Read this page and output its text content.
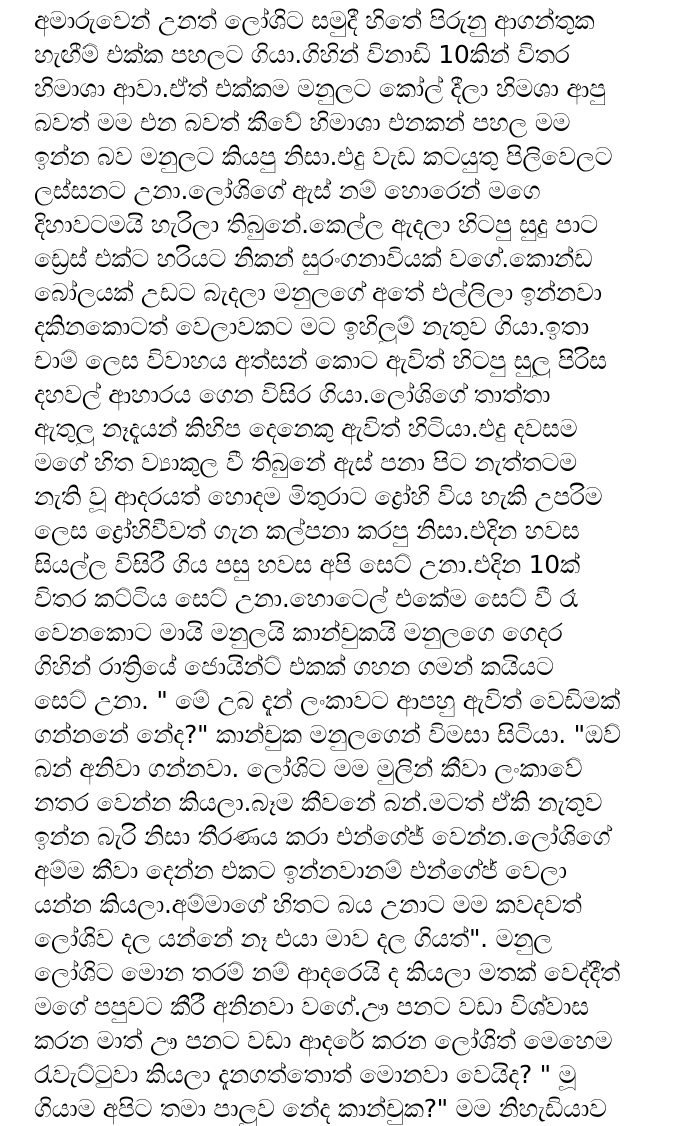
අමාරුවෙන් උනත් ලෝශිට සමුදී හිතේ පිරුනු ආගන්තුක
හැඟීම් එක්ක පහලට ගියා.ගිහින් විනාඩි 10කින් විතර
හිමාශා ආවා.ඒත් එක්කම මනුලට කෝල් දීලා හිමශා ආපු
බවත් මම එන බවත් කීවේ හිමාශා එනකන් පහල මම
ඉන්න බව මනුලට කියපු නිසා.එදු වැඩ කටයුතු පිලිවෙලට
ලස්සනට උනා.ලෝශිගේ ඇස් නම් හොරෙන් මගෙ
දිහාවටමයි හැරිලා තිබුනේ.කෙල්ල ඇදලා හිටපු සුදු පාට
ඩ්‍රෙස් එක්ට හරියට නිකන් සුරංගනාවියක් වගේ.කොන්ඩ
බෝලයක් උඩට බැදලා මනුලගේ අතේ එල්ලිලා ඉන්නවා
දකිනකොටත් වෙලාවකට මට ඉහිලුම් නැතුව ගියා.ඉතා
චාම් ලෙස විවාහය අත්සන් කොට ඇවිත් හිටපු සුලු පිරිස
දහවල් ආහාරය ගෙන විසිර ගියා.ලෝශිගේ තාත්තා
ඇතුලු නෑදැයන් කිහිප දෙනෙකු ඇවිත් හිටියා.එදු දවසම
මගේ හිත ව්‍යාකුල වී තිබුනේ ඇස් පනා පිට නැත්තටම
නැති වූ ආදරයත් හොදම මිතුරාට ද්‍රෝහි විය හැකි උපරිම
ලෙස ද්‍රෝහිවීවත් ගැන කල්පනා කරපු නිසා.එදින හවස
සියල්ල විසිරී ගිය පසු හවස අපි සෙට් උනා.එදින 10ක්
විතර කට්ටිය සෙට් උනා.හොටෙල් එකේම සෙට් වී රෑ
වෙනකොට මායි මනුලයි කාන්චුකයි මනුලගෙ ගෙදර
ගිහින් රාත්‍රියේ ජොයින්ට් එකක් ගහන ගමන් කයියට
සෙට් උනා. " මේ උබ දැන් ලංකාවට ආපහු ඇවිත් වෙඩිමක්
ගන්නනේ නේද?" කාන්චුක මනුලගෙන් විමසා සිටියා. "ඔව්
බන් අනිවා ගන්නවා. ලෝශිට මම මුලින් කීවා ලංකාවේ
නතර වෙන්න කියලා.බෑම කීවනේ බන්.මටත් ඒකි නැතුව
ඉන්න බැරි නිසා තීරණය කරා එන්ගේජ් වෙන්න.ලෝශිගේ
අම්ම කීවා දෙන්න එකට ඉන්නවානම් එන්ගේජ් වෙලා
යන්න කියලා.අම්මාගේ හිතට බය උනාට මම කවදවත්
ලෝශිව දල යන්නේ නෑ එයා මාව දල ගියත්". මනුල
ලෝශිට මොන තරම් නම් ආදරෙයි ද කියලා මතක් වෙද්දීත්
මගේ පපුවට කීරී අනිනවා වගේ.ඌ පනට වඩා විශ්වාස
කරන මාත් ඌ පනට වඩා ආදරේ කරන ලෝශිත් මෙහෙම
රැවැට්ටුවා කියලා දැනගත්තොත් මොනවා වෙයිද? " මූ
ගියාම අපිට තමා පාලුව නේද කාන්චුක?" මම නිහැඩියාව
